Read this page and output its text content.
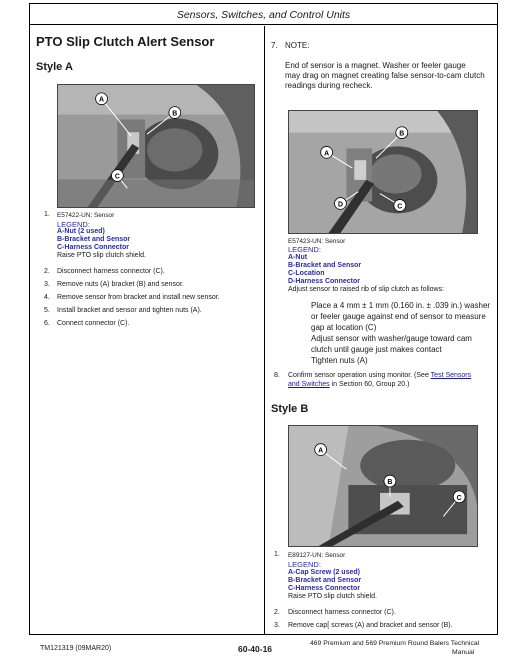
Sensors, Switches, and Control Units
PTO Slip Clutch Alert Sensor
Style A
A
B
C
1. E57422-UN: Sensor
LEGEND:
A-Nut (2 used)
B-Bracket and Sensor
C-Harness Connector
Raise PTO slip clutch shield.
2. Disconnect harness connector (C).
3. Remove nuts (A) bracket (B) and sensor.
4. Remove sensor from bracket and install new sensor.
5. Install bracket and sensor and tighten nuts (A).
6. Connect connector (C).
7. NOTE:
End of sensor is a magnet. Washer or feeler gauge
may drag on magnet creating false sensor-to-cam clutch
readings during recheck.
A
B
C
D
E57423-UN: Sensor
LEGEND:
A-Nut
B-Bracket and Sensor
C-Location
D-Harness Connector
Adjust sensor to raised rib of slip clutch as follows:
Place a 4 mm ± 1 mm (0.160 in. ± .039 in.) washer
or feeler gauge against end of sensor to measure
gap at location (C)
Adjust sensor with washer/gauge toward cam
clutch until gauge just makes contact
Tighten nuts (A)
8. Confirm sensor operation using monitor. (See Test Sensors
and Switches in Section 60, Group 20.)
Style B
A
B
C
1. E89127-UN: Sensor
LEGEND:
A-Cap Screw (2 used)
B-Bracket and Sensor
C-Harness Connector
Raise PTO slip clutch shield.
2. Disconnect harness connector (C).
3. Remove cap[ screws (A) and bracket and sensor (B).
TM121319 (09MAR20)	60-40-16
469 Premium and 569 Premium Round Balers Technical
Manual
